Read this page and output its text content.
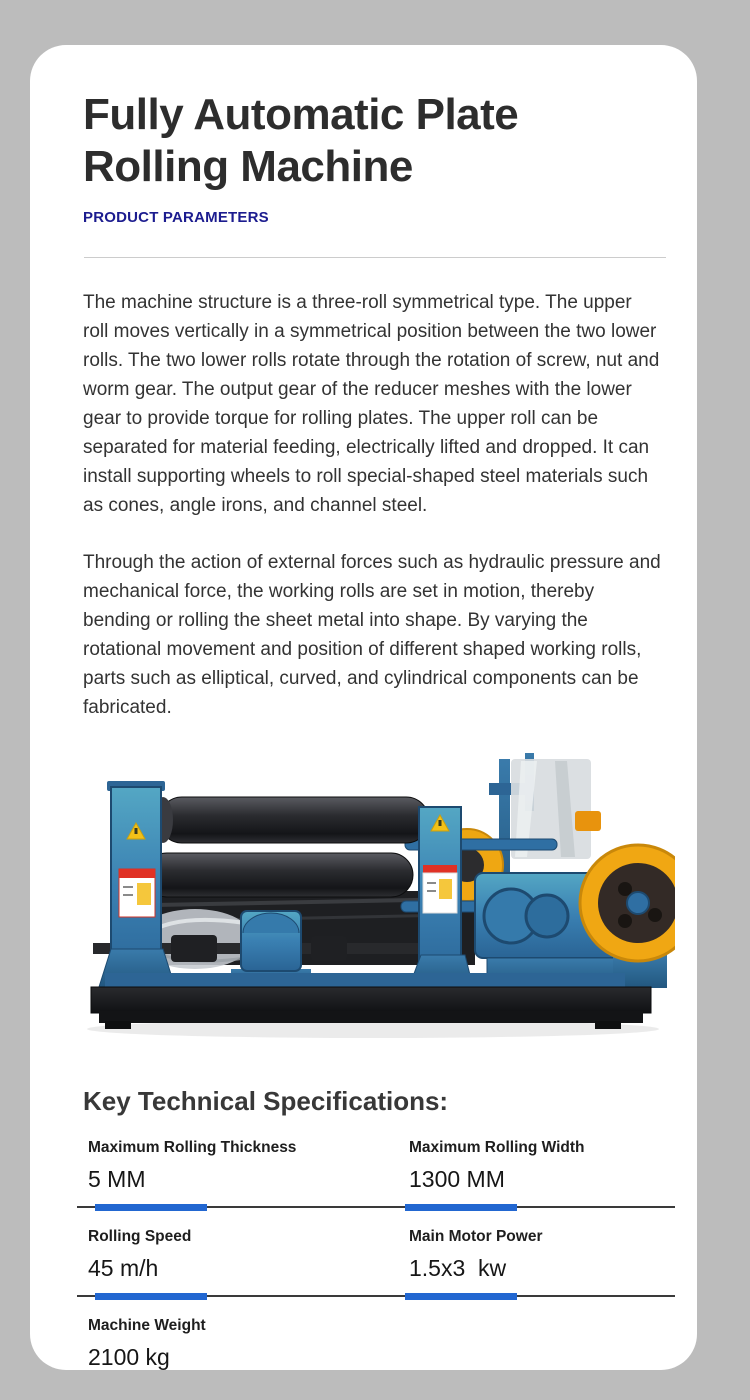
Fully Automatic Plate Rolling Machine
PRODUCT PARAMETERS

The machine structure is a three-roll symmetrical type. The upper roll moves vertically in a symmetrical position between the two lower rolls. The two lower rolls rotate through the rotation of screw, nut and worm gear. The output gear of the reducer meshes with the lower gear to provide torque for rolling plates. The upper roll can be separated for material feeding, electrically lifted and dropped. It can install supporting wheels to roll special-shaped steel materials such as cones, angle irons, and channel steel.

Through the action of external forces such as hydraulic pressure and mechanical force, the working rolls are set in motion, thereby bending or rolling the sheet metal into shape. By varying the rotational movement and position of different shaped working rolls, parts such as elliptical, curved, and cylindrical components can be fabricated.

Key Technical Specifications:
Maximum Rolling Thickness
5 MM
Maximum Rolling Width
1300 MM
Rolling Speed
45 m/h
Main Motor Power
1.5x3  kw
Machine Weight
2100 kg
